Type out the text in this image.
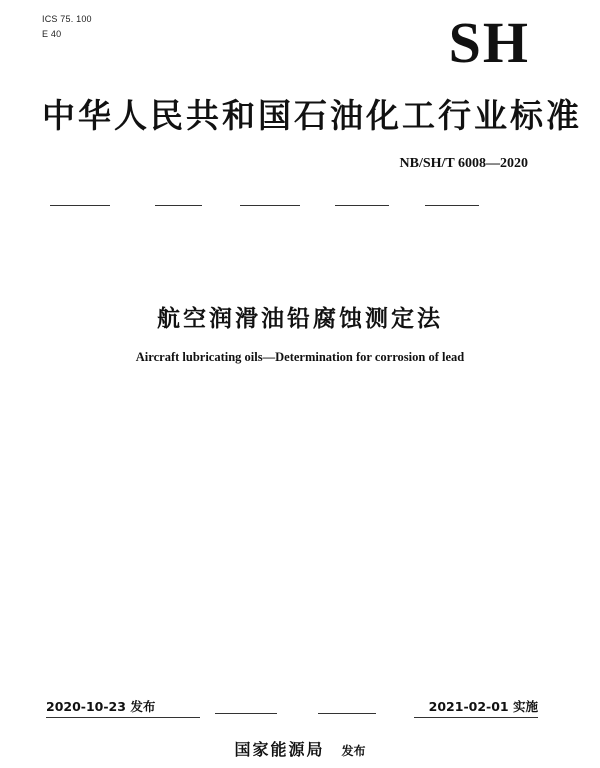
ICS 75. 100
E 40	SH
中华人民共和国石油化工行业标准
NB/SH/T 6008—2020
航空润滑油铅腐蚀测定法
Aircraft lubricating oils—Determination for corrosion of lead
2020-10-23 发布	2021-02-01 实施
国家能源局 发布
